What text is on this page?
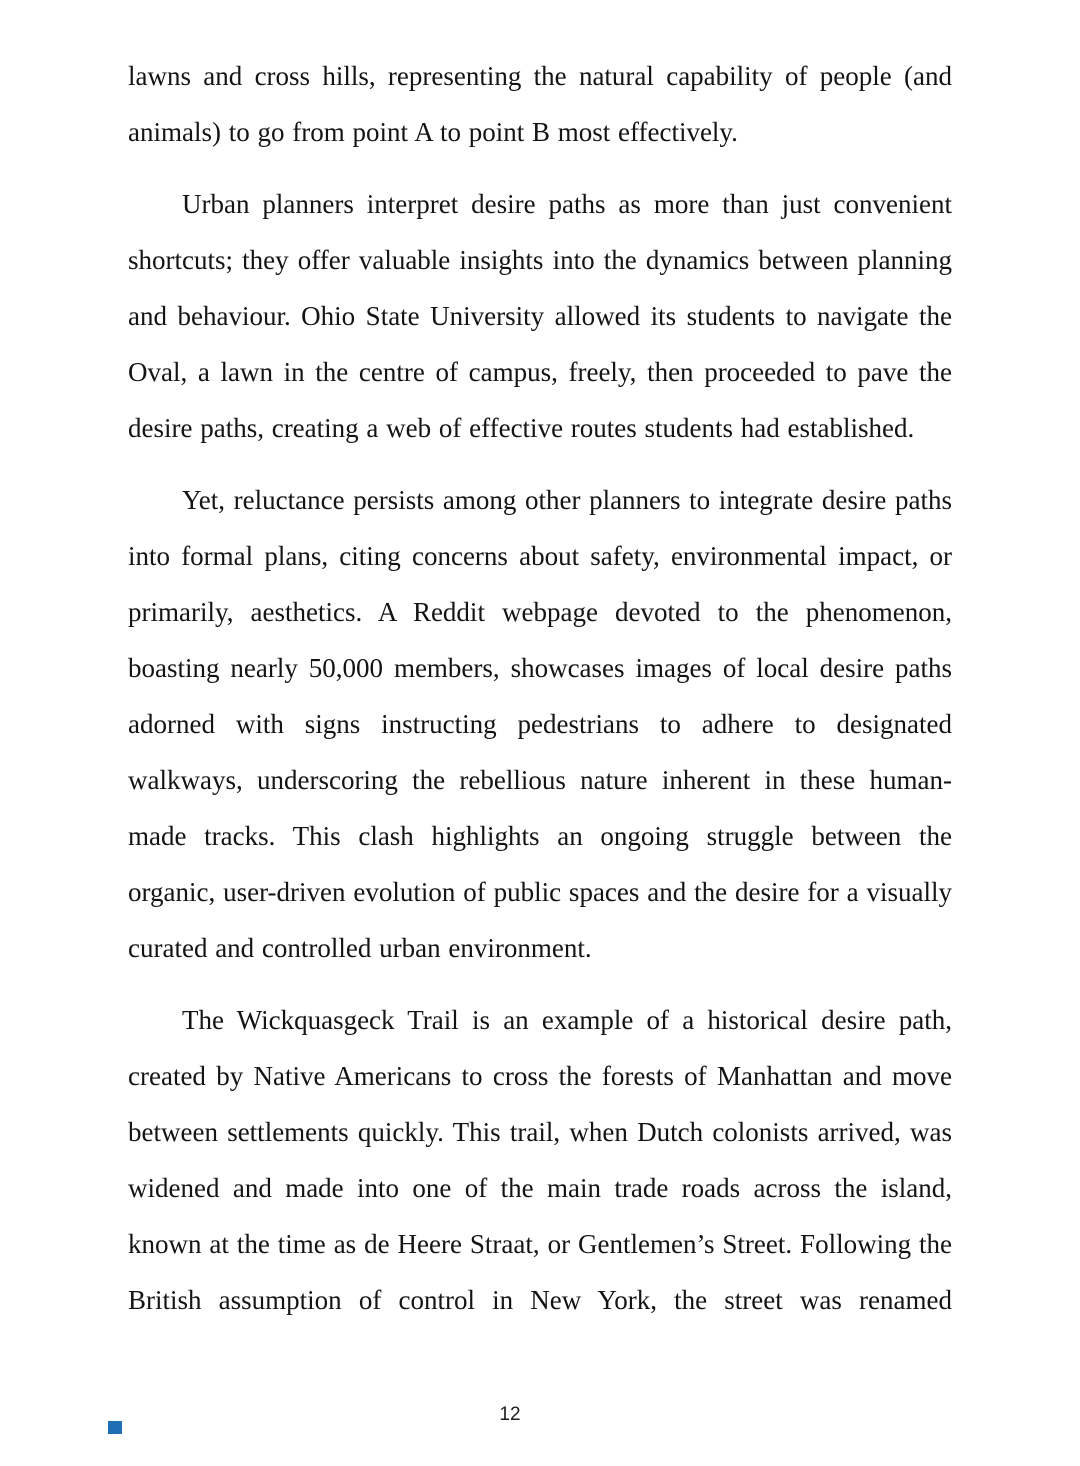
lawns and cross hills, representing the natural capability of people (and animals) to go from point A to point B most effectively.

Urban planners interpret desire paths as more than just convenient shortcuts; they offer valuable insights into the dynamics between planning and behaviour. Ohio State University allowed its students to navigate the Oval, a lawn in the centre of campus, freely, then proceeded to pave the desire paths, creating a web of effective routes students had established.

Yet, reluctance persists among other planners to integrate desire paths into formal plans, citing concerns about safety, environmental impact, or primarily, aesthetics. A Reddit webpage devoted to the phenomenon, boasting nearly 50,000 members, showcases images of local desire paths adorned with signs instructing pedestrians to adhere to designated walkways, underscoring the rebellious nature inherent in these human-made tracks. This clash highlights an ongoing struggle between the organic, user-driven evolution of public spaces and the desire for a visually curated and controlled urban environment.

The Wickquasgeck Trail is an example of a historical desire path, created by Native Americans to cross the forests of Manhattan and move between settlements quickly. This trail, when Dutch colonists arrived, was widened and made into one of the main trade roads across the island, known at the time as de Heere Straat, or Gentlemen’s Street. Following the British assumption of control in New York, the street was renamed

12
